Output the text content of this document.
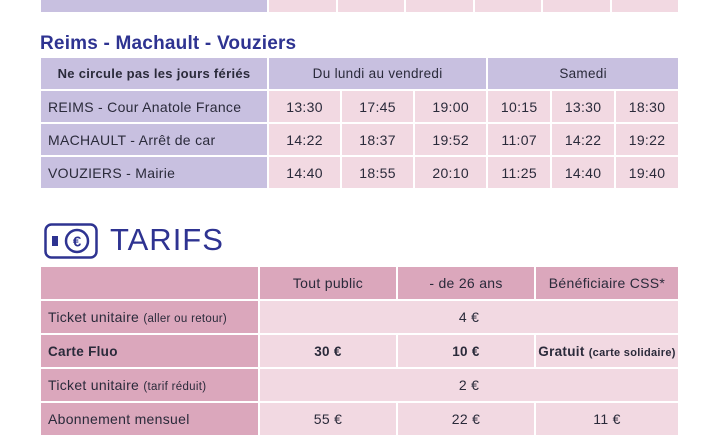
Reims - Machault - Vouziers
Ne circule pas les jours fériés	Du lundi au vendredi			Samedi		
REIMS - Cour Anatole France	13:30	17:45	19:00	10:15	13:30	18:30
MACHAULT - Arrêt de car	14:22	18:37	19:52	11:07	14:22	19:22
VOUZIERS - Mairie	14:40	18:55	20:10	11:25	14:40	19:40
€ TARIFS
	Tout public	- de 26 ans	Bénéficiaire CSS*
Ticket unitaire (aller ou retour)	4 €		
Carte Fluo	30 €	10 €	Gratuit (carte solidaire)
Ticket unitaire (tarif réduit)	2 €		
Abonnement mensuel	55 €	22 €	11 €
